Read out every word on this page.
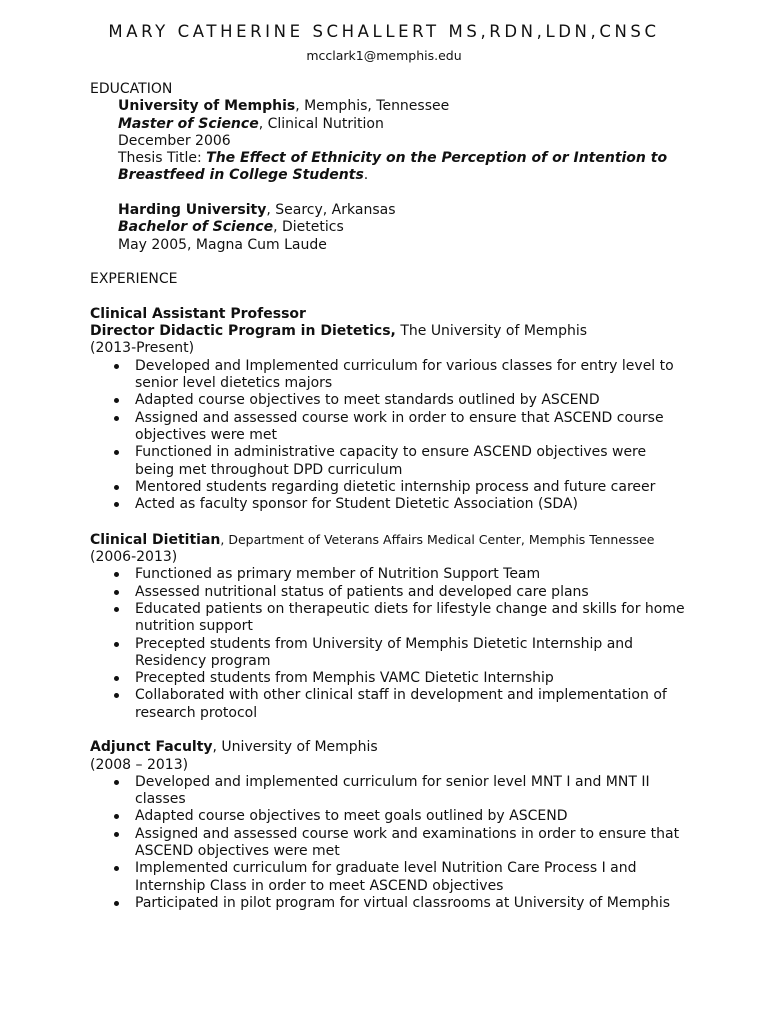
MARY CATHERINE SCHALLERT MS,RDN,LDN,CNSC
mcclark1@memphis.edu
EDUCATION
University of Memphis, Memphis, Tennessee
Master of Science, Clinical Nutrition
December 2006
Thesis Title: The Effect of Ethnicity on the Perception of or Intention to
Breastfeed in College Students.
Harding University, Searcy, Arkansas
Bachelor of Science, Dietetics
May 2005, Magna Cum Laude
EXPERIENCE
Clinical Assistant Professor
Director Didactic Program in Dietetics, The University of Memphis
(2013-Present)
Developed and Implemented curriculum for various classes for entry level to
senior level dietetics majors
Adapted course objectives to meet standards outlined by ASCEND
Assigned and assessed course work in order to ensure that ASCEND course
objectives were met
Functioned in administrative capacity to ensure ASCEND objectives were
being met throughout DPD curriculum
Mentored students regarding dietetic internship process and future career
Acted as faculty sponsor for Student Dietetic Association (SDA)
Clinical Dietitian, Department of Veterans Affairs Medical Center, Memphis Tennessee
(2006-2013)
Functioned as primary member of Nutrition Support Team
Assessed nutritional status of patients and developed care plans
Educated patients on therapeutic diets for lifestyle change and skills for home
nutrition support
Precepted students from University of Memphis Dietetic Internship and
Residency program
Precepted students from Memphis VAMC Dietetic Internship
Collaborated with other clinical staff in development and implementation of
research protocol
Adjunct Faculty, University of Memphis
(2008 – 2013)
Developed and implemented curriculum for senior level MNT I and MNT II
classes
Adapted course objectives to meet goals outlined by ASCEND
Assigned and assessed course work and examinations in order to ensure that
ASCEND objectives were met
Implemented curriculum for graduate level Nutrition Care Process I and
Internship Class in order to meet ASCEND objectives
Participated in pilot program for virtual classrooms at University of Memphis
